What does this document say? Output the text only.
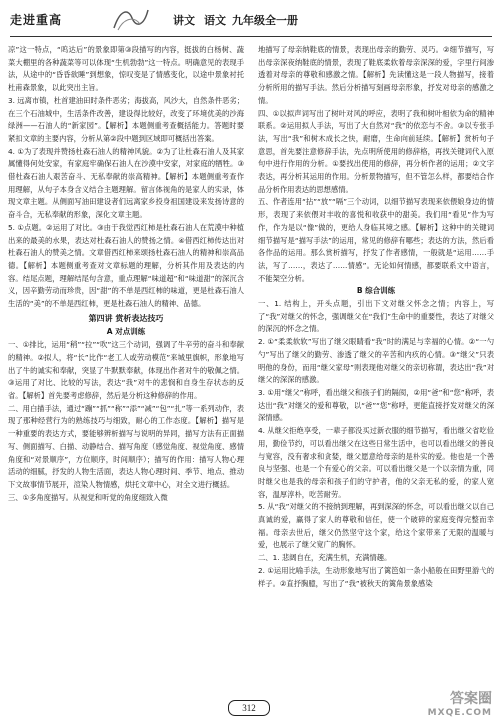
走进重高	讲文 语文 九年级全一册

凉”这一特点，“呜达后”的景象即第③段描写的内容，挺拔的白杨树、蔬菜大棚里的各种蔬菜等可以体现“生机勃勃”这一特点。明确意见的表现手法，从途中的“昏昏欲睡”到想象，惊叹变是了情感变化，以途中景象衬托杜甫森景象，以此突出主旨。

3. 远离市镇，杜首建油田时条件恶劣；海拔高，风沙大，自然条件恶劣；在三个石油城中，生活条件改善，建设得比较好，改变了环境优美的沙海绿洲——石油人的“新家园”。【解析】本题侧重考查概括能力。答题时要紧扣文章的主要内容，分析从第②段中题到区域即可概括出答案。

4. ①为了表现并赞扬杜森石油人的精神风貌。②为了让杜森石油人及其家属懂得何处安家，有家庭牢确保石油人在沙漠中安家，对家庭的牺牲。③借杜森石油人艰苦奋斗、无私奉献的崇高精神。【解析】本题侧重考查作用理解，从句子本身含义结合主题理解。留言体视角的是家人的实录，体现文章主题。从侧面写油田建设者们远离家乡投身祖国建设来发扬诗意的奋斗合，无私奉献的形象，深化文章主题。

5. ①点题。②运用了对比。③由于我觉西红柿是杜森石油人在荒漠中种植出来的最美的水果，表达对杜森石油人的赞扬之情。④借西红柿传达出对杜森石油人的赞美之情。文章借西红柿来颂扬杜森石油人的精神和崇高品德。【解析】本题侧重考查对文章标题的理解，分析其作用及表达的内容。结尾点题，理解结尾句含意，重点理解“味道超”和“味道甜”的深沉含义，因辛勤劳动而珍贵，因“甜”的不单是西红柿的味道，更是杜森石油人生活的“美”的不单是西红柿，更是杜森石油人的精神、品德。

第四讲 赏析表达技巧
A 对点训练

一、①排比，运用“稍”“拉”“吹”这三个动词，强调了牛辛劳的奋斗和奉献的精神。②拟人，将“长”比作“老工人或劳动模范”来城里旗帜，形象地写出了牛的诚实和奉献，突显了牛默默奉献，体现出作者对牛的敬佩之情。③运用了对比、比较的写法，表达“我”对牛的悲悯和自身生存状态的反省。【解析】首先要考虑修辞，然后是分析这种修辞的作用。

二、用白描手法，通过“蹦”“抓”“称”“添”“减”“包”“扎”等一系列动作，表现了那种经营行为的熟练技巧与细致，耐心的工作态度。【解析】描写是一种重要的表达方式，要能够辨析描写与说明的异同，描写方法有正面描写、侧面描写、白描、动静结合、描写角度（感觉角度、视觉角度、感情角度和“对景顺序”，方位顺序，时间顺序）；描写的作用：描写人物心理活动的细腻，抒发的人物生活面，表达人物心理时间、季节、地点、推动下文故事情节展开，渲染人物情感，烘托文章中心，对全文进行概括。

三、①多角度描写。从视觉和听觉的角度细致入微

地描写了母亲纳鞋底的情景，表现出母亲的勤劳、灵巧。②细节描写，写出母亲深夜纳鞋底的情景，表现了鞋底柔软着母亲深深的爱，字里行间渗透着对母亲的尊敬和感激之情。【解析】先读懂这是一段人物描写，接着分析所用的描写手法。然后分析描写刻画母亲形象，抒发对母亲的感激之情。

四、①以拟声词写出了树叶对风的呼应，表明了我和树叶相依为命的精神联系。②运用拟人手法，写出了大自然对“我”的依恋与不舍。③以专张手法，写出“我”和树木成长之快，耐磨，生命向前延续。【解析】赏析句子意思，首先要注意修辞手法，先点明所使用的修辞格，再找关键词代入原句中进行作用的分析。①要找出使用的修辞，再分析作者的运用；②文字表达，再分析其运用的作用。分析景物描写，但不管怎么样，都要结合作品分析作用表达的思想感情。

五、作者连用“拈”“放”“嗝”三个动词，以细节描写表现来依偎娘身边的情形，表现了来依偎对丰收的喜悦和收获中的甜美。我们用“看见”作为写作，作为是以“像”做的，更给人身临其境之感。【解析】这种中的关键词细节描写是“描写手法”的运用，常见的修辞有哪些；表达的方法，然后看各作品的运用。那么赏析描写，抒发了作者感情，一般就是“运用……手法，写了……，表达了……情感”。无论如何情感，都要联系文中语言，不能架空分析。

B 综合训练

一、1. 结构上，开头点题，引出下文对继父怀念之情；内容上，写了“我”对继父的怀念，强调继父在“我们”生命中的重要性，表达了对继父的深沉的怀念之情。

2. ①“柔柔软软”写出了继父眼睛看“我”时的满足与幸福的心情。②“一勺勺”写出了继父的勤劳、渗透了继父的辛苦和内疚的心情。③“继父”只表明他的身份，而用“继父家母”则表现他对继父的亲切称谓，表达出“我”对继父的深深的感激。

3. ①用“继父”称呼，看出继父和孩子们的隔阂，②用“爸”和“您”称呼，表达出“我”对继父的爱和尊敬，以“爸”“您”称呼，更能直接抒发对继父的深深情感。

4. 从继父拒绝享受，一辈子都没买过新衣服的细节描写，看出继父省吃俭用，勤俭节约，可以看出继父在这些日常生活中，也可以看出继父的善良与宽容，没有奢求和贪婪，继父愿意给母亲的是朴实的爱。他也是一个善良与坚强、也是一个有爱心的父亲。可以看出继父是一个以亲情为重，同时继父也是我的母亲和孩子们的守护者，他的父亲无私的爱，的家人宽容，温厚淳朴，吃苦耐劳。

5. 从“我”对继父的不接纳到理解，再到深深的怀念，可以看出继父以自己真诚的爱，赢得了家人的尊敬和信任，使一个破碎的家庭变得完整而幸福。母亲去世后，继父仍然坚守这个家，给这个家带来了无限的温暖与爱，也展示了继父宽广的胸怀。

二、1. 悲阔自在，充满生机，充满情趣。

2. ①运用比喻手法，生动形象地写出了篱笆如一条小船般在田野里游弋的样子。②直抒胸臆，写出了“我”被秋天的篱角景象感染

312
答案圈
MXQE.COM
